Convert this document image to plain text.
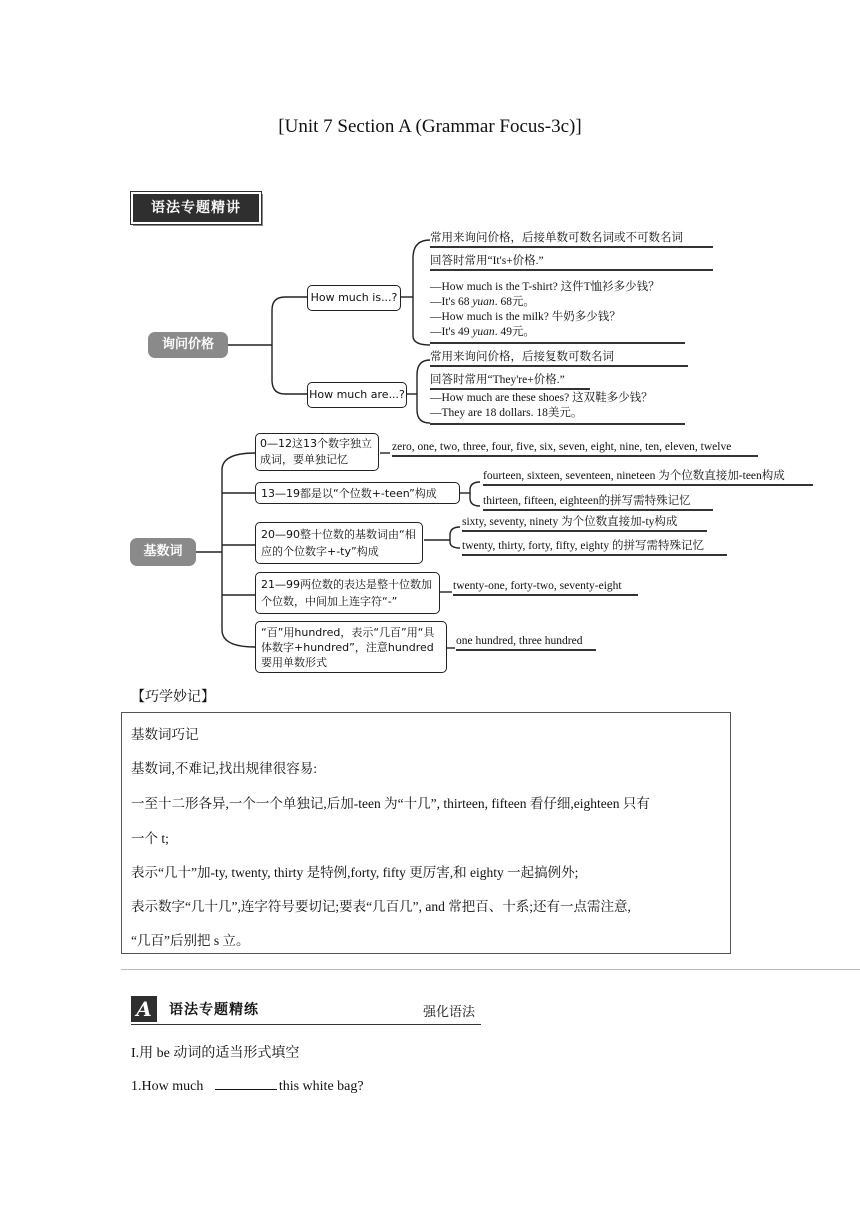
[Unit 7 Section A (Grammar Focus-3c)]
语法专题精讲
询问价格
How much is...?
How much are...?
常用来询问价格，后接单数可数名词或不可数名词
回答时常用“It's+价格.”
—How much is the T-shirt? 这件T恤衫多少钱？
—It's 68 yuan. 68元。
—How much is the milk? 牛奶多少钱？
—It's 49 yuan. 49元。
常用来询问价格，后接复数可数名词
回答时常用“They're+价格.”
—How much are these shoes? 这双鞋多少钱？
—They are 18 dollars. 18美元。
基数词
0—12这13个数字独立成词，要单独记忆
zero, one, two, three, four, five, six, seven, eight, nine, ten, eleven, twelve
13—19都是以“个位数+-teen”构成
fourteen, sixteen, seventeen, nineteen 为个位数直接加-teen构成
thirteen, fifteen, eighteen的拼写需特殊记忆
20—90整十位数的基数词由“相应的个位数字+-ty”构成
sixty, seventy, ninety 为个位数直接加-ty构成
twenty, thirty, forty, fifty, eighty 的拼写需特殊记忆
21—99两位数的表达是整十位数加个位数，中间加上连字符“-”
twenty-one, forty-two, seventy-eight
“百”用hundred，表示“几百”用“具体数字+hundred”，注意hundred要用单数形式
one hundred, three hundred
【巧学妙记】
基数词巧记
基数词,不难记,找出规律很容易:
一至十二形各异,一个一个单独记,后加-teen 为“十几”, thirteen, fifteen 看仔细,eighteen 只有
一个 t;
表示“几十”加-ty, twenty, thirty 是特例,forty, fifty 更厉害,和 eighty 一起搞例外;
表示数字“几十几”,连字符号要切记;要表“几百几”, and 常把百、十系;还有一点需注意,
“几百”后别把 s 立。
A	语法专题精练	强化语法
I.用 be 动词的适当形式填空
1.How much	this white bag?
